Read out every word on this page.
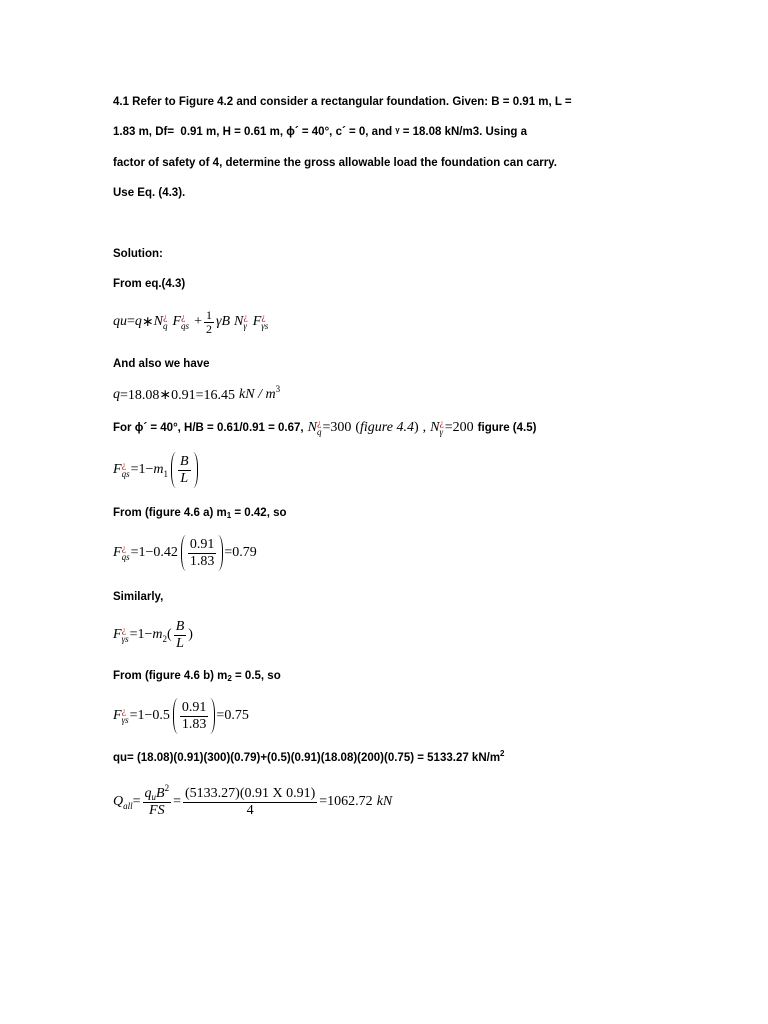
4.1 Refer to Figure 4.2 and consider a rectangular foundation. Given: B = 0.91 m, L =
1.83 m, Df=  0.91 m, H = 0.61 m, ϕ´ = 40°, c´ = 0, and ᵞ = 18.08 kN/m3. Using a
factor of safety of 4, determine the gross allowable load the foundation can carry.
Use Eq. (4.3).
Solution:
From eq.(4.3)
qu = q ∗ N ¿
q F ¿
qs + $\frac{1}{2}$ γB N ¿
γ F ¿
γs
And also we have
q =18.08∗0.91=16.45 kN / m 3
For ϕ´ = 40°, H/B = 0.61/0.91 = 0.67, N ¿
q =300 ( figure 4.4 ) , N ¿
γ =200 figure (4.5)
F ¿
qs =1− m $1 \frac{B}{L}$
From (figure 4.6 a) $m_1 = 0.42$, so
F ¿
qs $=1-0.42 \frac{0.91}{1.83} =0.79$
Similarly,
F ¿
γs =1− m 2 ( $\frac{B}{L}$ )
From (figure 4.6 b) $m_2 = 0.5$, so
F ¿
$\gamma s =1-0.5 \frac{0.91}{1.83} =0.75$
qu= (18.08)(0.91)(300)(0.79)+(0.5)(0.91)(18.08)(200)(0.75) = 5133.27 $kN/m^2$
Q all = $\frac{q_uB^2}{FS} = \frac{(5133.27)(0.91 X 0.91)}{4} =1062.72$ kN
